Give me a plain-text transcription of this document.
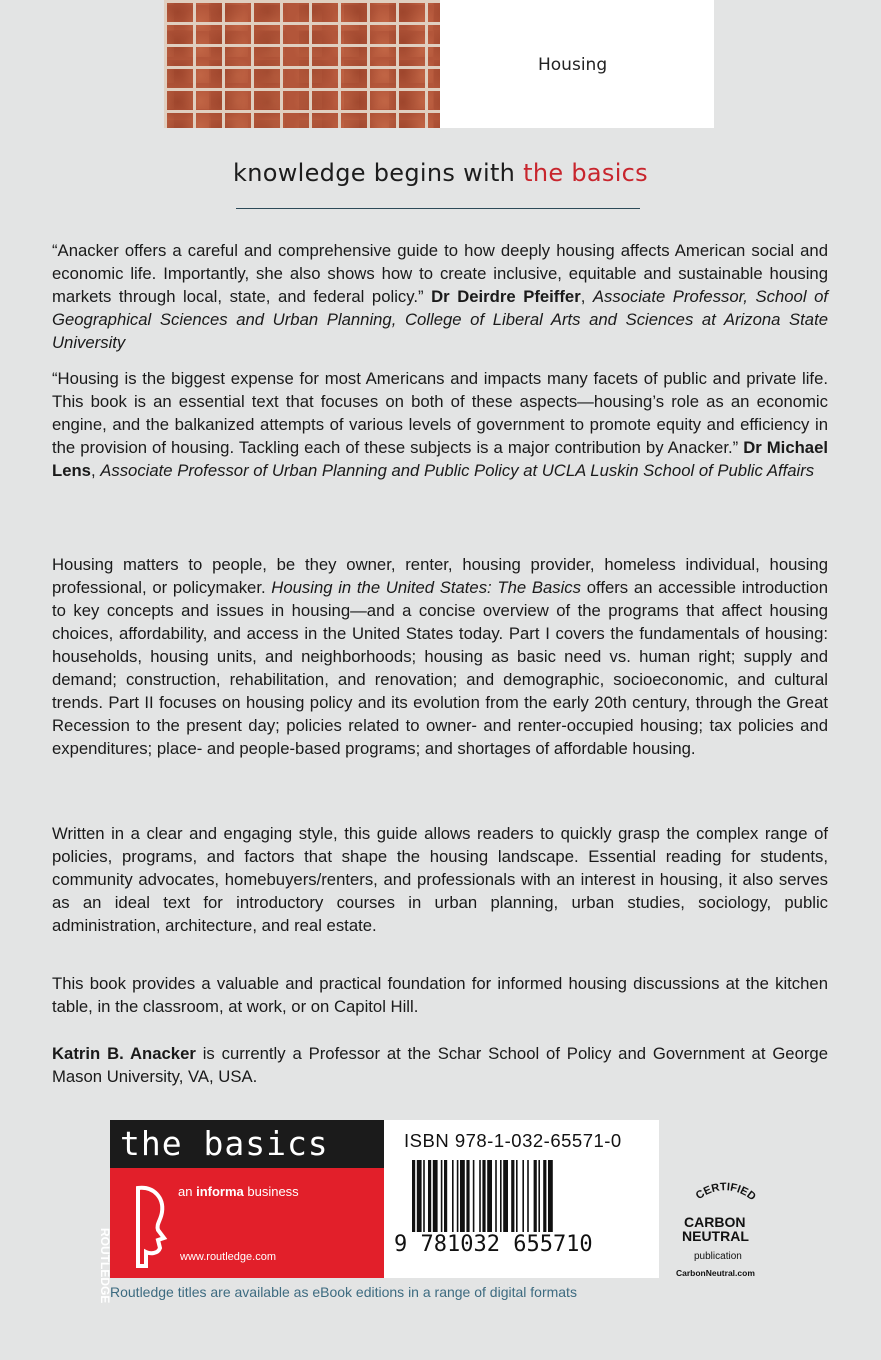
Housing
knowledge begins with the basics

“Anacker offers a careful and comprehensive guide to how deeply housing affects American social and economic life. Importantly, she also shows how to create inclusive, equitable and sustainable housing markets through local, state, and federal policy.” Dr Deirdre Pfeiffer, Associate Professor, School of Geographical Sciences and Urban Planning, College of Liberal Arts and Sciences at Arizona State University

“Housing is the biggest expense for most Americans and impacts many facets of public and private life. This book is an essential text that focuses on both of these aspects—housing’s role as an economic engine, and the balkanized attempts of various levels of government to promote equity and efficiency in the provision of housing. Tackling each of these subjects is a major contribution by Anacker.” Dr Michael Lens, Associate Professor of Urban Planning and Public Policy at UCLA Luskin School of Public Affairs

Housing matters to people, be they owner, renter, housing provider, homeless individual, housing professional, or policymaker. Housing in the United States: The Basics offers an accessible introduction to key concepts and issues in housing—and a concise overview of the programs that affect housing choices, affordability, and access in the United States today. Part I covers the fundamentals of housing: households, housing units, and neighborhoods; housing as basic need vs. human right; supply and demand; construction, rehabilitation, and renovation; and demographic, socioeconomic, and cultural trends. Part II focuses on housing policy and its evolution from the early 20th century, through the Great Recession to the present day; policies related to owner- and renter-occupied housing; tax policies and expenditures; place- and people-based programs; and shortages of affordable housing.

Written in a clear and engaging style, this guide allows readers to quickly grasp the complex range of policies, programs, and factors that shape the housing landscape. Essential reading for students, community advocates, homebuyers/renters, and professionals with an interest in housing, it also serves as an ideal text for introductory courses in urban planning, urban studies, sociology, public administration, architecture, and real estate.

This book provides a valuable and practical foundation for informed housing discussions at the kitchen table, in the classroom, at work, or on Capitol Hill.

Katrin B. Anacker is currently a Professor at the Schar School of Policy and Government at George Mason University, VA, USA.

the basics
ROUTLEDGE
an informa business
www.routledge.com
ISBN 978-1-032-65571-0
9 781032 655710
CERTIFIED
CARBON
NEUTRAL
publication
CarbonNeutral.com
Routledge titles are available as eBook editions in a range of digital formats
